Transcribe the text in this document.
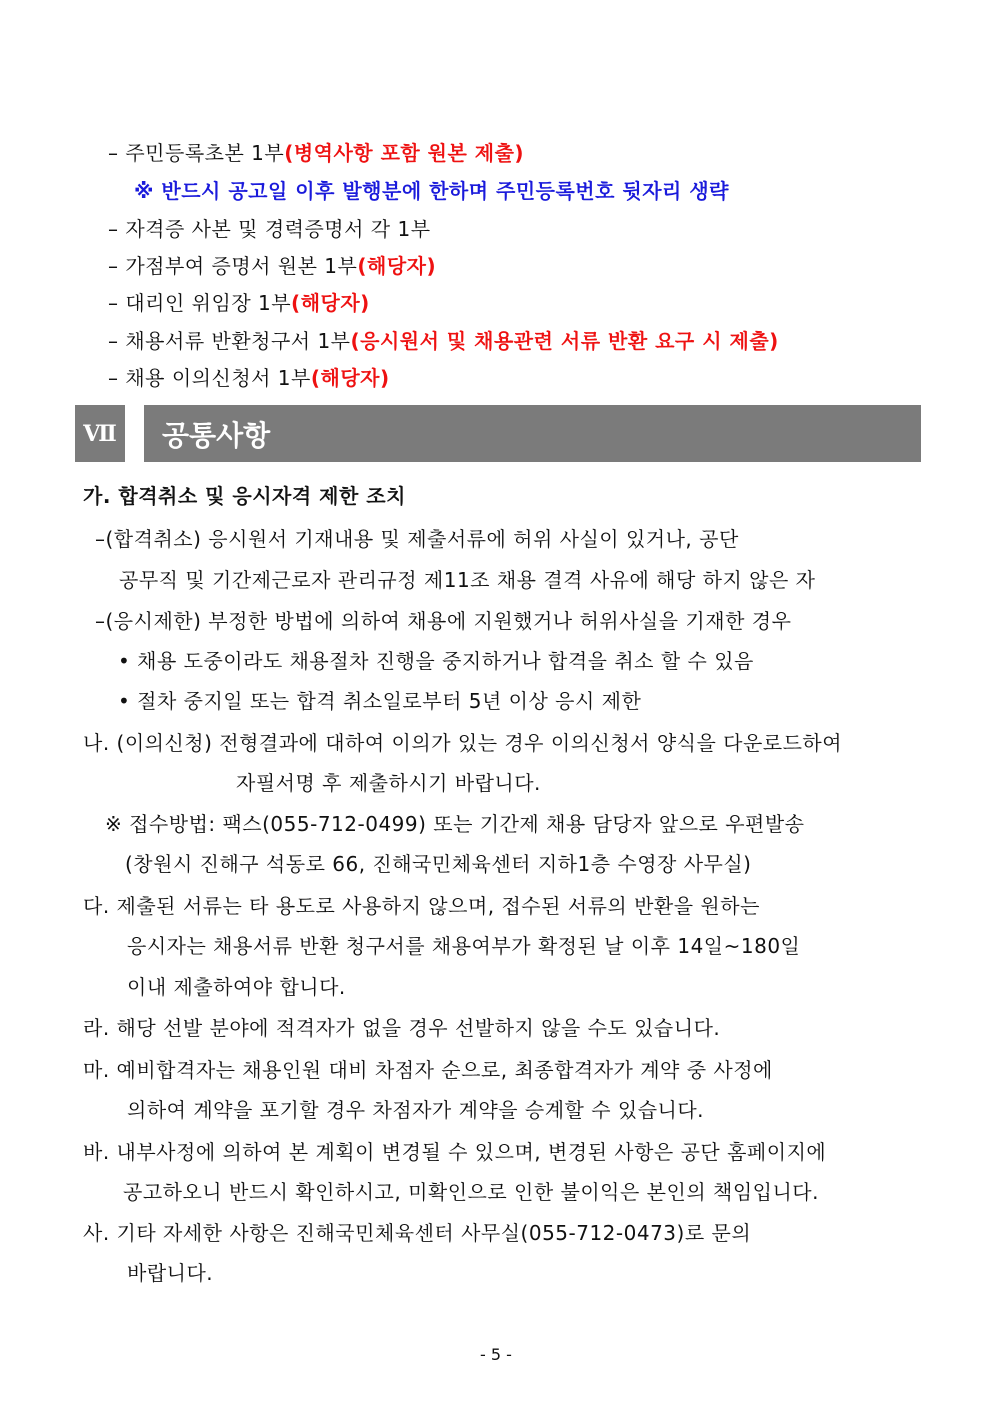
– 주민등록초본 1부(병역사항 포함 원본 제출)
※ 반드시 공고일 이후 발행분에 한하며 주민등록번호 뒷자리 생략
– 자격증 사본 및 경력증명서 각 1부
– 가점부여 증명서 원본 1부(해당자)
– 대리인 위임장 1부(해당자)
– 채용서류 반환청구서 1부(응시원서 및 채용관련 서류 반환 요구 시 제출)
– 채용 이의신청서 1부(해당자)
Ⅶ	공통사항
가. 합격취소 및 응시자격 제한 조치
–(합격취소) 응시원서 기재내용 및 제출서류에 허위 사실이 있거나, 공단
공무직 및 기간제근로자 관리규정 제11조 채용 결격 사유에 해당 하지 않은 자
–(응시제한) 부정한 방법에 의하여 채용에 지원했거나 허위사실을 기재한 경우
• 채용 도중이라도 채용절차 진행을 중지하거나 합격을 취소 할 수 있음
• 절차 중지일 또는 합격 취소일로부터 5년 이상 응시 제한
나. (이의신청) 전형결과에 대하여 이의가 있는 경우 이의신청서 양식을 다운로드하여
자필서명 후 제출하시기 바랍니다.
※ 접수방법: 팩스(055-712-0499) 또는 기간제 채용 담당자 앞으로 우편발송
(창원시 진해구 석동로 66, 진해국민체육센터 지하1층 수영장 사무실)
다. 제출된 서류는 타 용도로 사용하지 않으며, 접수된 서류의 반환을 원하는
응시자는 채용서류 반환 청구서를 채용여부가 확정된 날 이후 14일~180일
이내 제출하여야 합니다.
라. 해당 선발 분야에 적격자가 없을 경우 선발하지 않을 수도 있습니다.
마. 예비합격자는 채용인원 대비 차점자 순으로, 최종합격자가 계약 중 사정에
의하여 계약을 포기할 경우 차점자가 계약을 승계할 수 있습니다.
바. 내부사정에 의하여 본 계획이 변경될 수 있으며, 변경된 사항은 공단 홈페이지에
공고하오니 반드시 확인하시고, 미확인으로 인한 불이익은 본인의 책임입니다.
사. 기타 자세한 사항은 진해국민체육센터 사무실(055-712-0473)로 문의
바랍니다.
- 5 -
